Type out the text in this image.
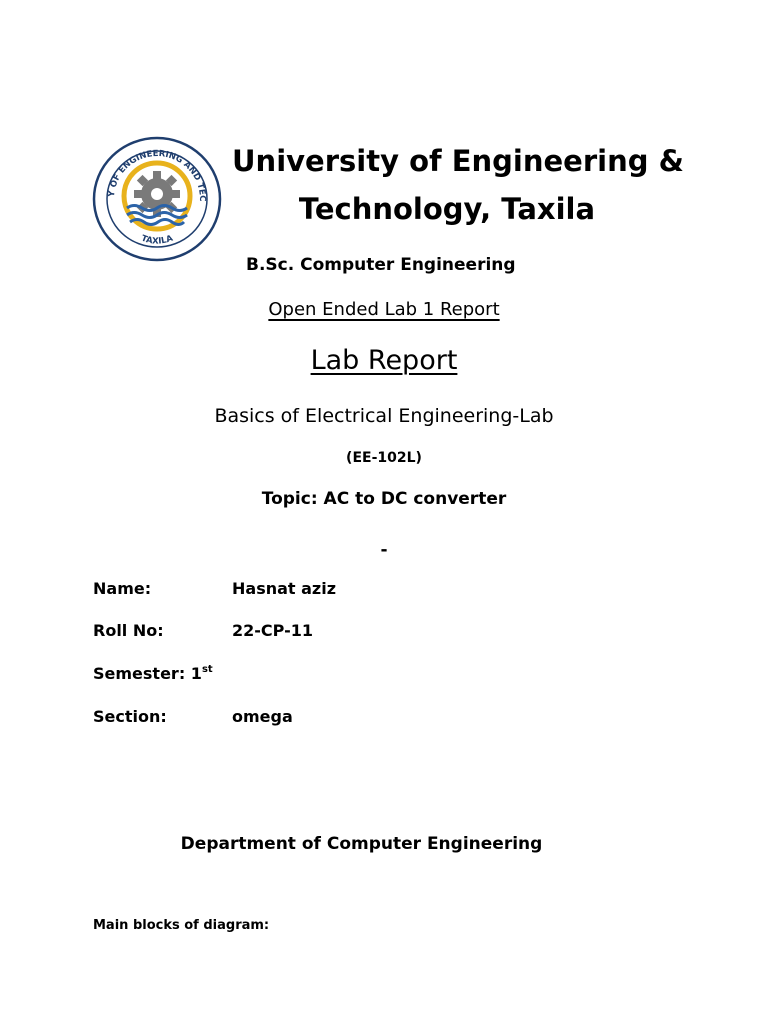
Y OF ENGINEERING AND TEC
TAXILA
University of Engineering &
Technology, Taxila
B.Sc. Computer Engineering
Open Ended Lab 1 Report
Lab Report
Basics of Electrical Engineering-Lab
(EE-102L)
Topic: AC to DC converter
-
Name:	Hasnat aziz
Roll No:	22-CP-11
Semester: 1st
Section:	omega
Department of Computer Engineering
Main blocks of diagram:
